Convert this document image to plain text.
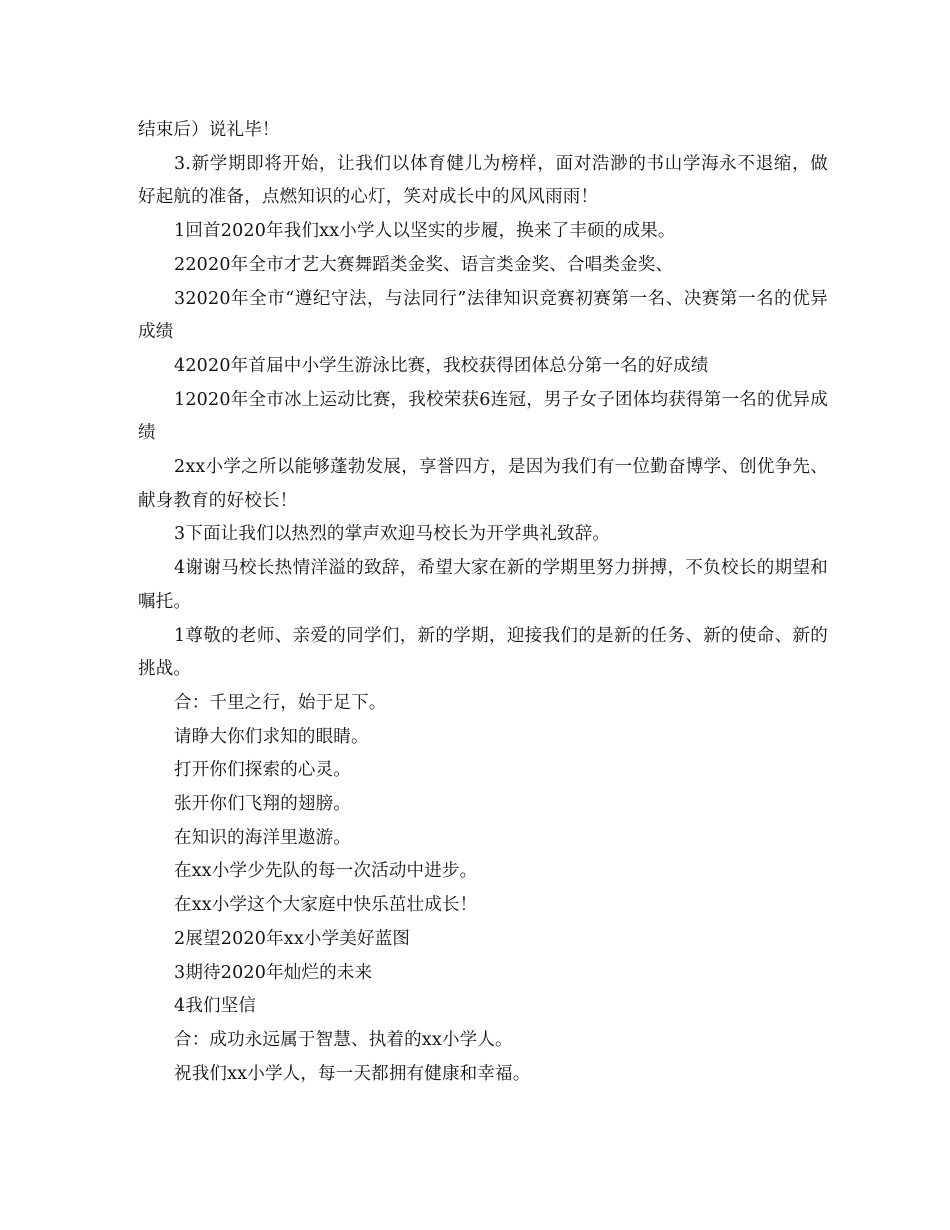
结束后）说礼毕！

3.新学期即将开始，让我们以体育健儿为榜样，面对浩渺的书山学海永不退缩，做好起航的准备，点燃知识的心灯，笑对成长中的风风雨雨！

1回首2020年我们xx小学人以坚实的步履，换来了丰硕的成果。

22020年全市才艺大赛舞蹈类金奖、语言类金奖、合唱类金奖、

32020年全市“遵纪守法，与法同行”法律知识竞赛初赛第一名、决赛第一名的优异成绩

42020年首届中小学生游泳比赛，我校获得团体总分第一名的好成绩

12020年全市冰上运动比赛，我校荣获6连冠，男子女子团体均获得第一名的优异成绩

2xx小学之所以能够蓬勃发展，享誉四方，是因为我们有一位勤奋博学、创优争先、献身教育的好校长！

3下面让我们以热烈的掌声欢迎马校长为开学典礼致辞。

4谢谢马校长热情洋溢的致辞，希望大家在新的学期里努力拼搏，不负校长的期望和嘱托。

1尊敬的老师、亲爱的同学们，新的学期，迎接我们的是新的任务、新的使命、新的挑战。

合：千里之行，始于足下。

请睁大你们求知的眼睛。

打开你们探索的心灵。

张开你们飞翔的翅膀。

在知识的海洋里遨游。

在xx小学少先队的每一次活动中进步。

在xx小学这个大家庭中快乐茁壮成长！

2展望2020年xx小学美好蓝图

3期待2020年灿烂的未来

4我们坚信

合：成功永远属于智慧、执着的xx小学人。

祝我们xx小学人，每一天都拥有健康和幸福。
